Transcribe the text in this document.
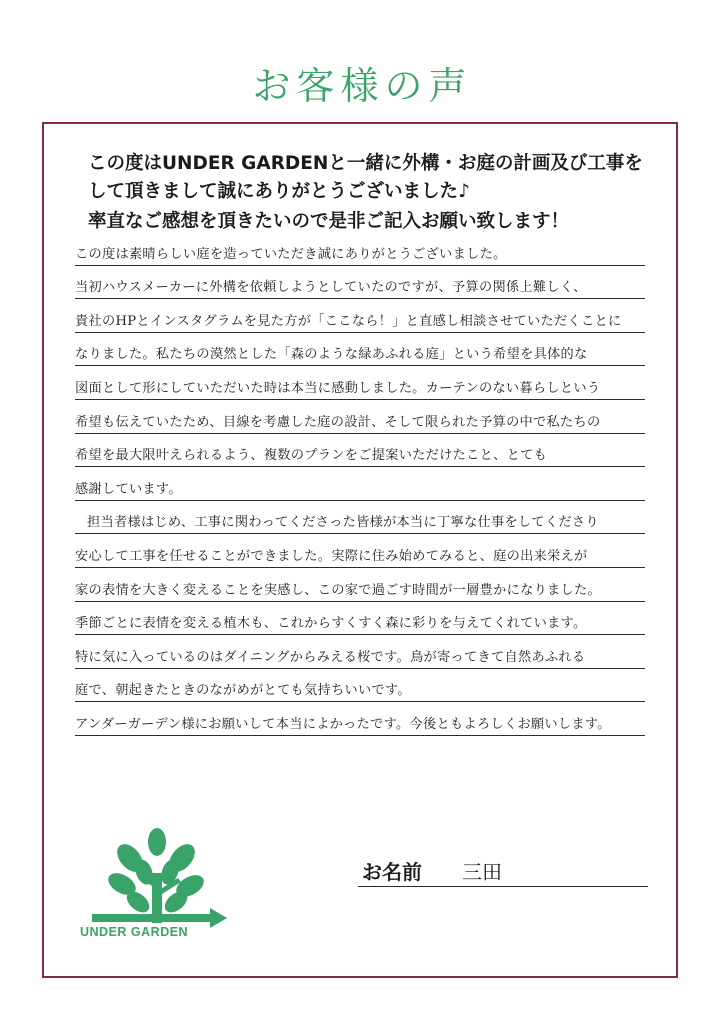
お客様の声

この度はUNDER GARDENと一緒に外構・お庭の計画及び工事を

して頂きまして誠にありがとうございました♪

率直なご感想を頂きたいので是非ご記入お願い致します！
この度は素晴らしい庭を造っていただき誠にありがとうございました。
当初ハウスメーカーに外構を依頼しようとしていたのですが、予算の関係上難しく、
貴社のHPとインスタグラムを見た方が「ここなら！」と直感し相談させていただくことに
なりました。私たちの漠然とした「森のような緑あふれる庭」という希望を具体的な
図面として形にしていただいた時は本当に感動しました。カーテンのない暮らしという
希望も伝えていたため、目線を考慮した庭の設計、そして限られた予算の中で私たちの
希望を最大限叶えられるよう、複数のプランをご提案いただけたこと、とても
感謝しています。
担当者様はじめ、工事に関わってくださった皆様が本当に丁寧な仕事をしてくださり
安心して工事を任せることができました。実際に住み始めてみると、庭の出来栄えが
家の表情を大きく変えることを実感し、この家で過ごす時間が一層豊かになりました。
季節ごとに表情を変える植木も、これからすくすく森に彩りを与えてくれています。
特に気に入っているのはダイニングからみえる桜です。鳥が寄ってきて自然あふれる
庭で、朝起きたときのながめがとても気持ちいいです。
アンダーガーデン様にお願いして本当によかったです。今後ともよろしくお願いします。
UNDER GARDEN
お名前 三田
